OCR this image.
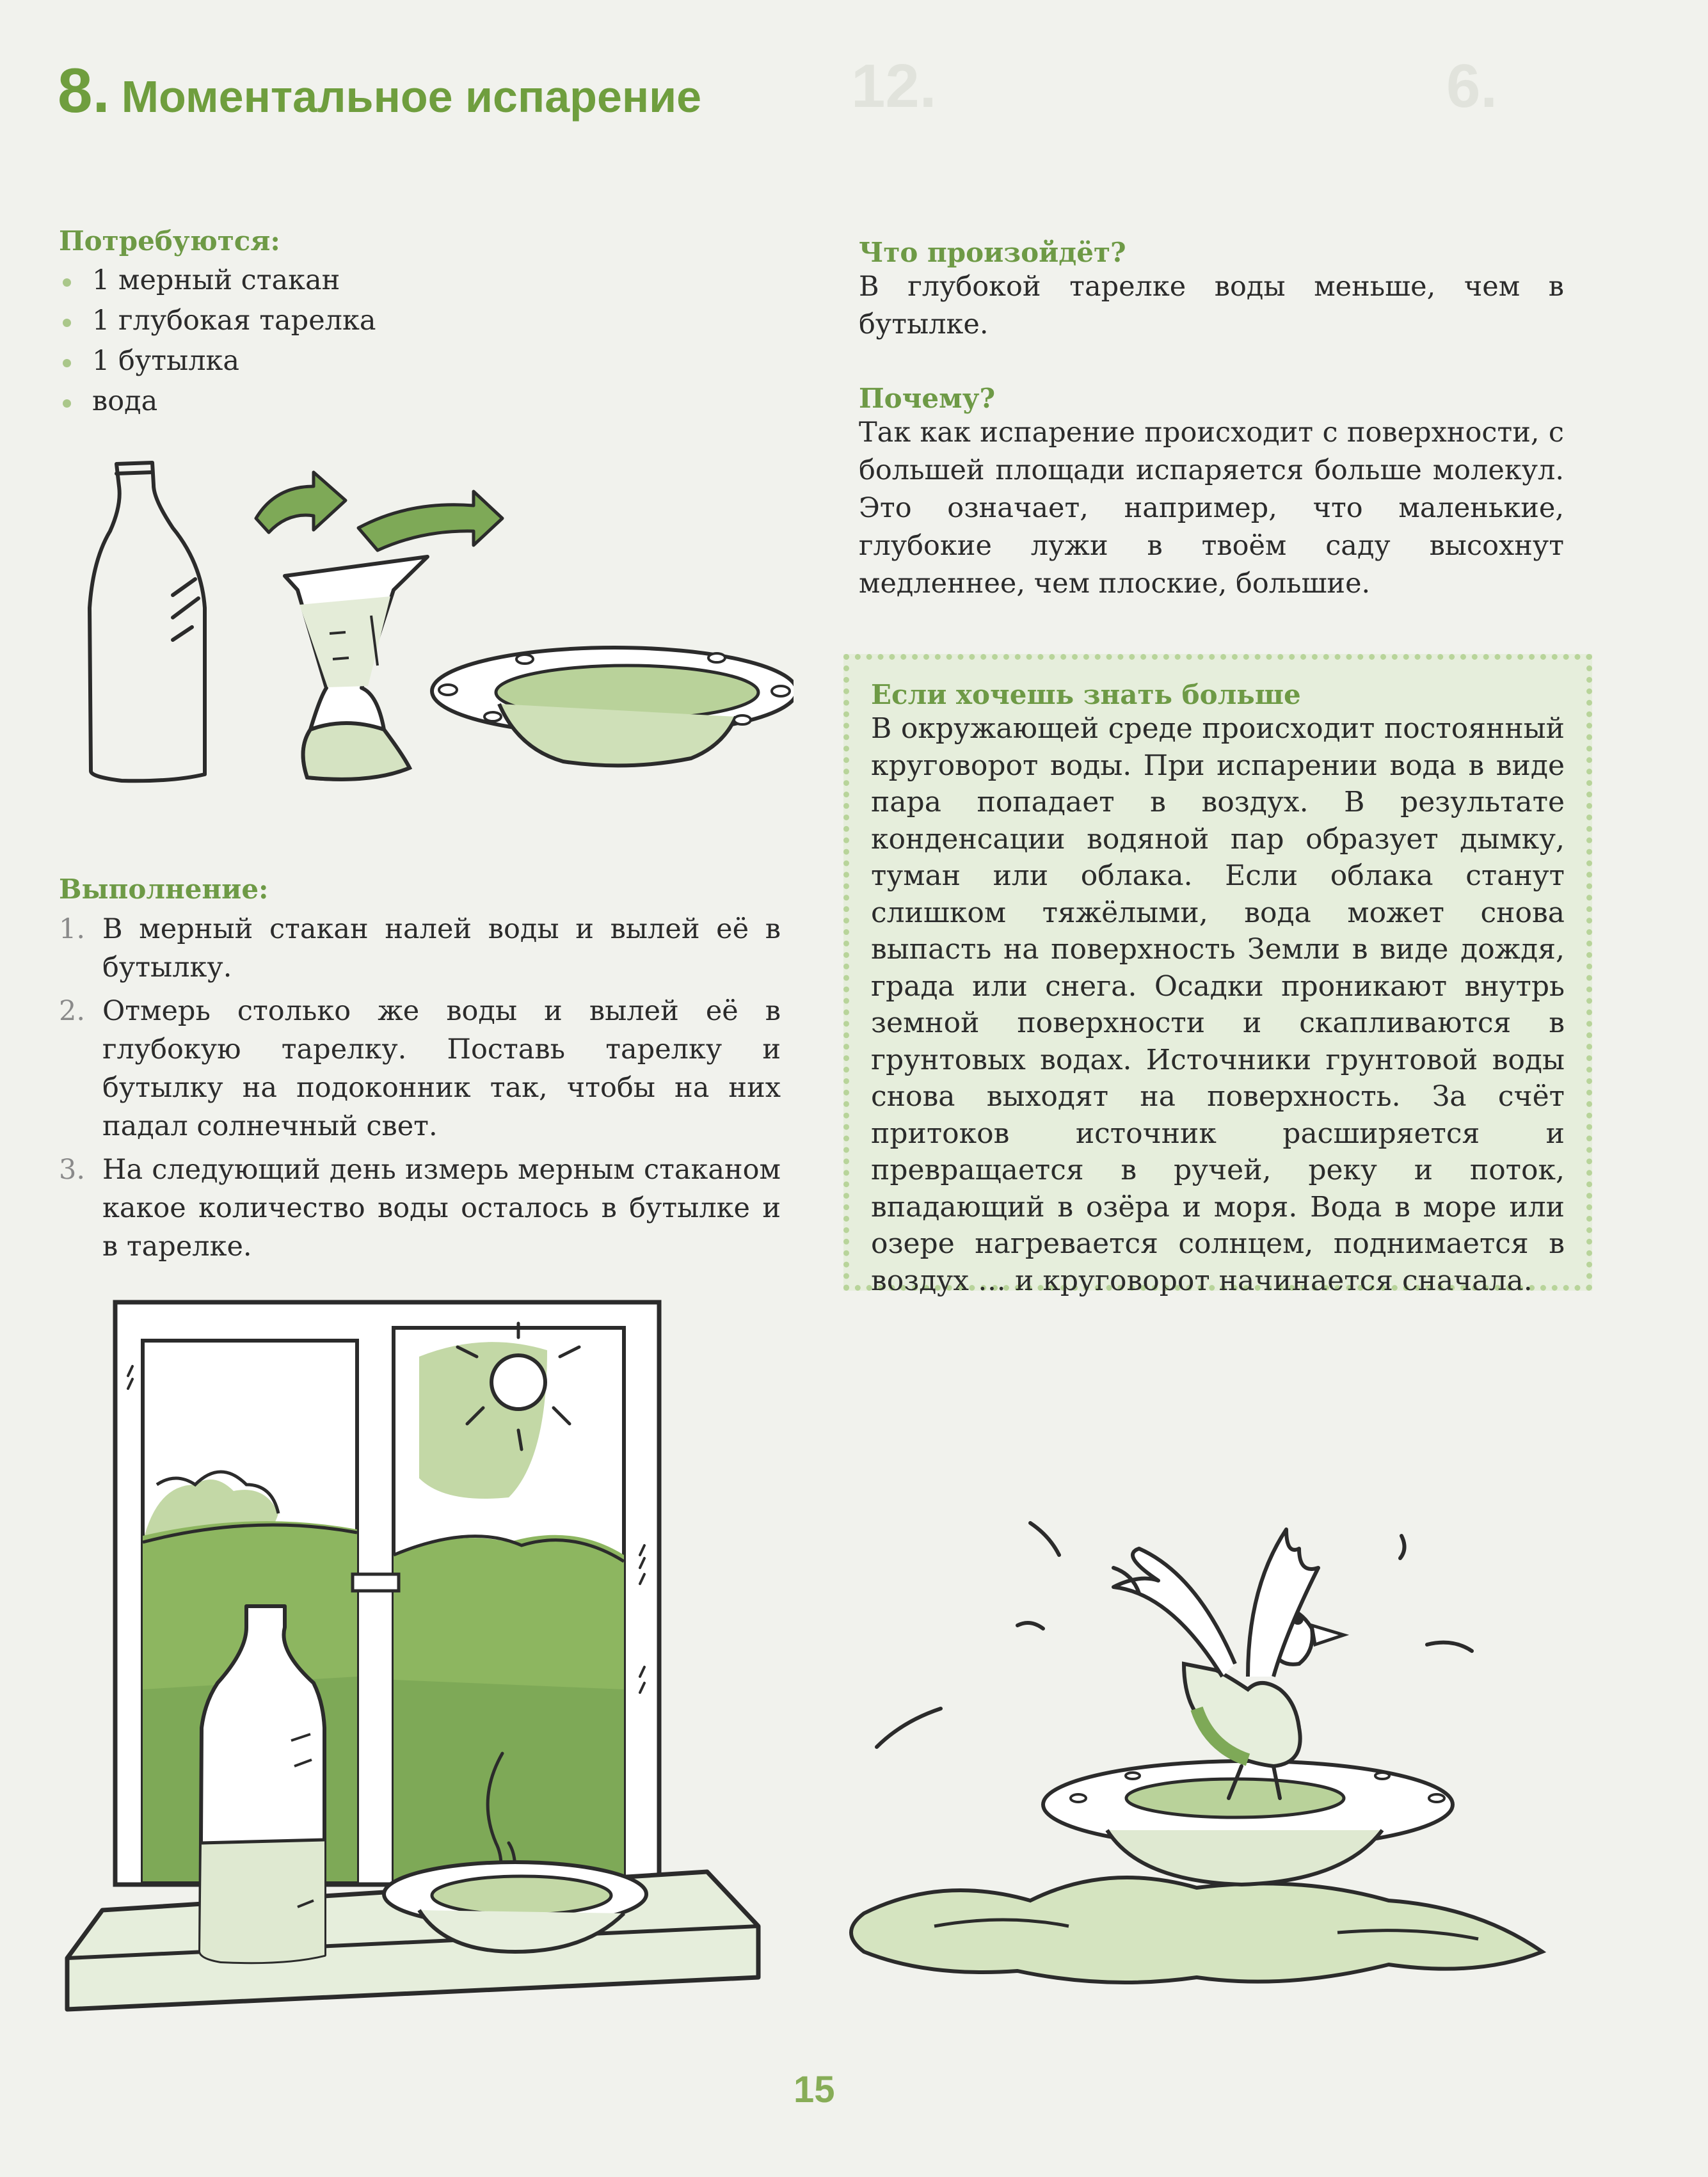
12.	6.
8. Моментальное испарение
Потребуются:
1 мерный стакан
1 глубокая тарелка
1 бутылка
вода
Выполнение:
1. В мерный стакан налей воды и вылей её в бутылку.
2. Отмерь столько же воды и вылей её в глубокую тарелку. Поставь тарелку и бутылку на подоконник так, чтобы на них падал солнечный свет.
3. На следующий день измерь мерным стаканом какое количество воды осталось в бутылке и в тарелке.
Что произойдёт?
В глубокой тарелке воды меньше, чем в бутылке.
Почему?
Так как испарение происходит с поверхности, с большей площади испаряется больше молекул. Это означает, например, что маленькие, глубокие лужи в твоём саду высохнут медленнее, чем плоские, большие.
Если хочешь знать больше
В окружающей среде происходит постоянный круговорот воды. При испарении вода в виде пара попадает в воздух. В результате конденсации водяной пар образует дымку, туман или облака. Если облака станут слишком тяжёлыми, вода может снова выпасть на поверхность Земли в виде дождя, града или снега. Осадки проникают внутрь земной поверхности и скапливаются в грунтовых водах. Источники грунтовой воды снова выходят на поверхность. За счёт притоков источник расширяется и превращается в ручей, реку и поток, впадающий в озёра и моря. Вода в море или озере нагревается солнцем, поднимается в воздух … и круговорот начинается сначала.
15
